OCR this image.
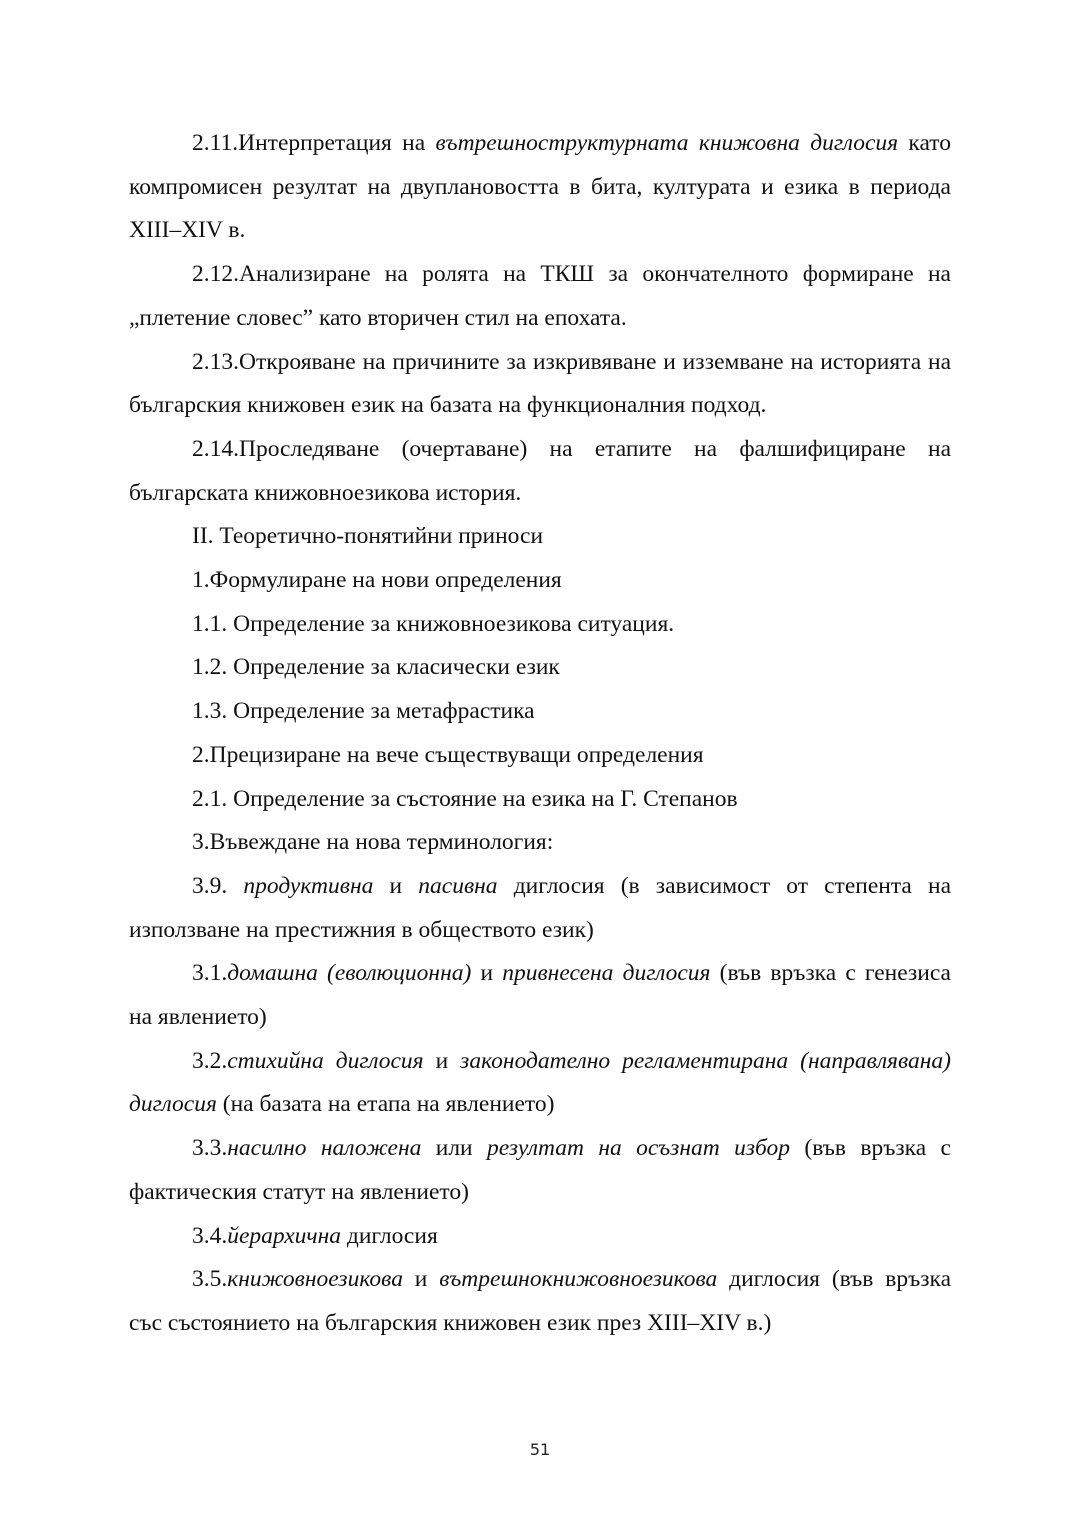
2.11.Интерпретация на вътрешноструктурната книжовна диглосия като компромисен резултат на двуплановостта в бита, културата и езика в периода XIII–XIV в.

2.12.Анализиране на ролята на ТКШ за окончателното формиране на „плетение словес” като вторичен стил на епохата.

2.13.Открояване на причините за изкривяване и изземване на историята на българския книжовен език на базата на функционалния подход.

2.14.Проследяване (очертаване) на етапите на фалшифициране на българската книжовноезикова история.

II. Теоретично-понятийни приноси

1.Формулиране на нови определения

1.1. Определение за книжовноезикова ситуация.

1.2. Определение за класически език

1.3. Определение за метафрастика

2.Прецизиране на вече съществуващи определения

2.1. Определение за състояние на езика на Г. Степанов

3.Въвеждане на нова терминология:

3.9. продуктивна и пасивна диглосия (в зависимост от степента на използване на престижния в обществото език)

3.1.домашна (еволюционна) и привнесена диглосия (във връзка с генезиса на явлението)

3.2.стихийна диглосия и законодателно регламентирана (направлявана) диглосия (на базата на етапа на явлението)

3.3.насилно наложена или резултат на осъзнат избор (във връзка с фактическия статут на явлението)

3.4.йерархична диглосия

3.5.книжовноезикова и вътрешнокнижовноезикова диглосия (във връзка със състоянието на българския книжовен език през XIII–XIV в.)

51
